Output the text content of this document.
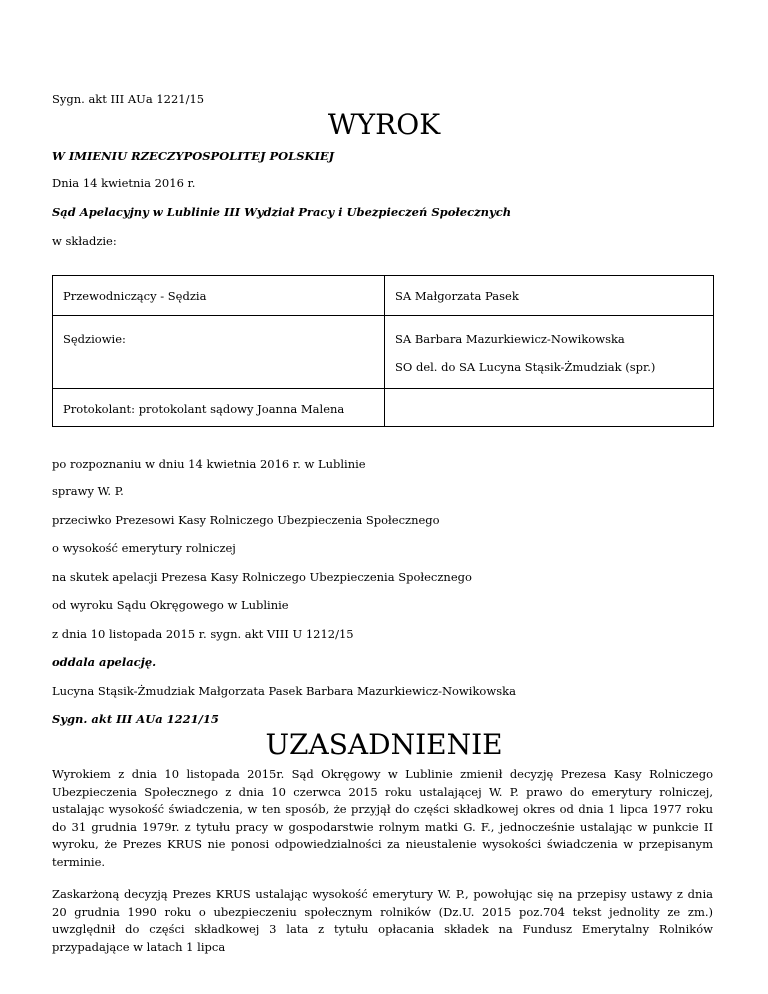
Sygn. akt III AUa 1221/15
WYROK
W IMIENIU RZECZYPOSPOLITEJ POLSKIEJ
Dnia 14 kwietnia 2016 r.
Sąd Apelacyjny w Lublinie III Wydział Pracy i Ubezpieczeń Społecznych
w składzie:
Przewodniczący - Sędzia	SA Małgorzata Pasek

Sędziowie:	SA Barbara Mazurkiewicz-Nowikowska
SO del. do SA Lucyna Stąsik-Żmudziak (spr.)

Protokolant: protokolant sądowy Joanna Malena	

po rozpoznaniu w dniu 14 kwietnia 2016 r. w Lublinie
sprawy W. P.
przeciwko Prezesowi Kasy Rolniczego Ubezpieczenia Społecznego
o wysokość emerytury rolniczej
na skutek apelacji Prezesa Kasy Rolniczego Ubezpieczenia Społecznego
od wyroku Sądu Okręgowego w Lublinie
z dnia 10 listopada 2015 r. sygn. akt VIII U 1212/15
oddala apelację.
Lucyna Stąsik-Żmudziak Małgorzata Pasek Barbara Mazurkiewicz-Nowikowska
Sygn. akt III AUa 1221/15
UZASADNIENIE
Wyrokiem z dnia 10 listopada 2015r. Sąd Okręgowy w Lublinie zmienił decyzję Prezesa Kasy Rolniczego Ubezpieczenia Społecznego z dnia 10 czerwca 2015 roku ustalającej W. P. prawo do emerytury rolniczej, ustalając wysokość świadczenia, w ten sposób, że przyjął do części składkowej okres od dnia 1 lipca 1977 roku do 31 grudnia 1979r. z tytułu pracy w gospodarstwie rolnym matki G. F., jednocześnie ustalając w punkcie II wyroku, że Prezes KRUS nie ponosi odpowiedzialności za nieustalenie wysokości świadczenia w przepisanym terminie.
Zaskarżoną decyzją Prezes KRUS ustalając wysokość emerytury W. P., powołując się na przepisy ustawy z dnia 20 grudnia 1990 roku o ubezpieczeniu społecznym rolników (Dz.U. 2015 poz.704 tekst jednolity ze zm.) uwzględnił do części składkowej 3 lata z tytułu opłacania składek na Fundusz Emerytalny Rolników przypadające w latach 1 lipca
